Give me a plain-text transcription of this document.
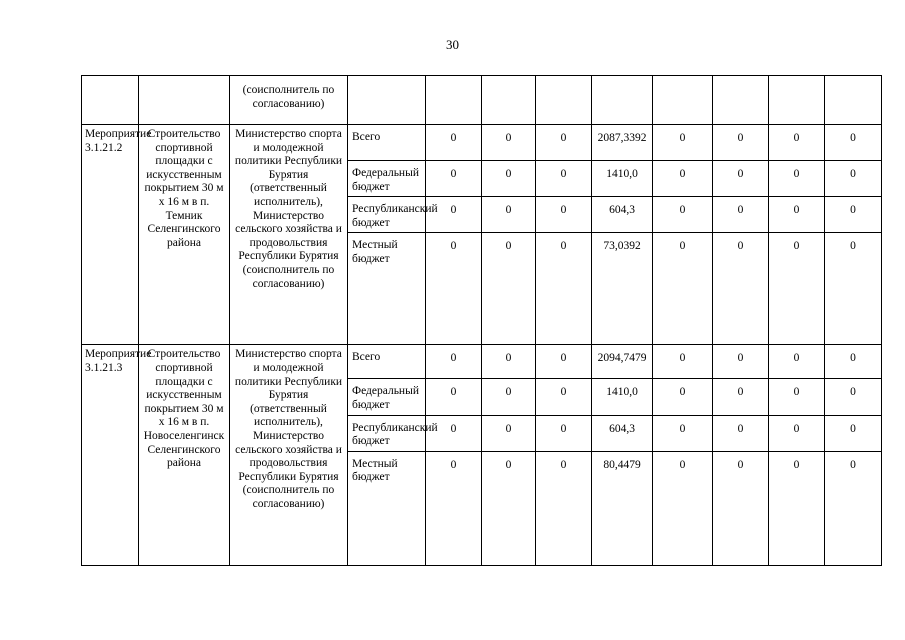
30
		(соисполнитель по согласованию)									
Мероприятие 3.1.21.2	Строительство спортивной площадки с искусственным покрытием 30 м х 16 м в п. Темник Селенгинского района	Министерство спорта и молодежной политики Республики Бурятия (ответственный исполнитель), Министерство сельского хозяйства и продовольствия Республики Бурятия (соисполнитель по согласованию)	Всего	0	0	0	2087,3392	0	0	0	0
			Федеральный бюджет	0	0	0	1410,0	0	0	0	0
			Республиканский бюджет	0	0	0	604,3	0	0	0	0
			Местный бюджет	0	0	0	73,0392	0	0	0	0
Мероприятие 3.1.21.3	Строительство спортивной площадки с искусственным покрытием 30 м х 16 м в п. Новоселенгинск Селенгинского района	Министерство спорта и молодежной политики Республики Бурятия (ответственный исполнитель), Министерство сельского хозяйства и продовольствия Республики Бурятия (соисполнитель по согласованию)	Всего	0	0	0	2094,7479	0	0	0	0
			Федеральный бюджет	0	0	0	1410,0	0	0	0	0
			Республиканский бюджет	0	0	0	604,3	0	0	0	0
			Местный бюджет	0	0	0	80,4479	0	0	0	0
